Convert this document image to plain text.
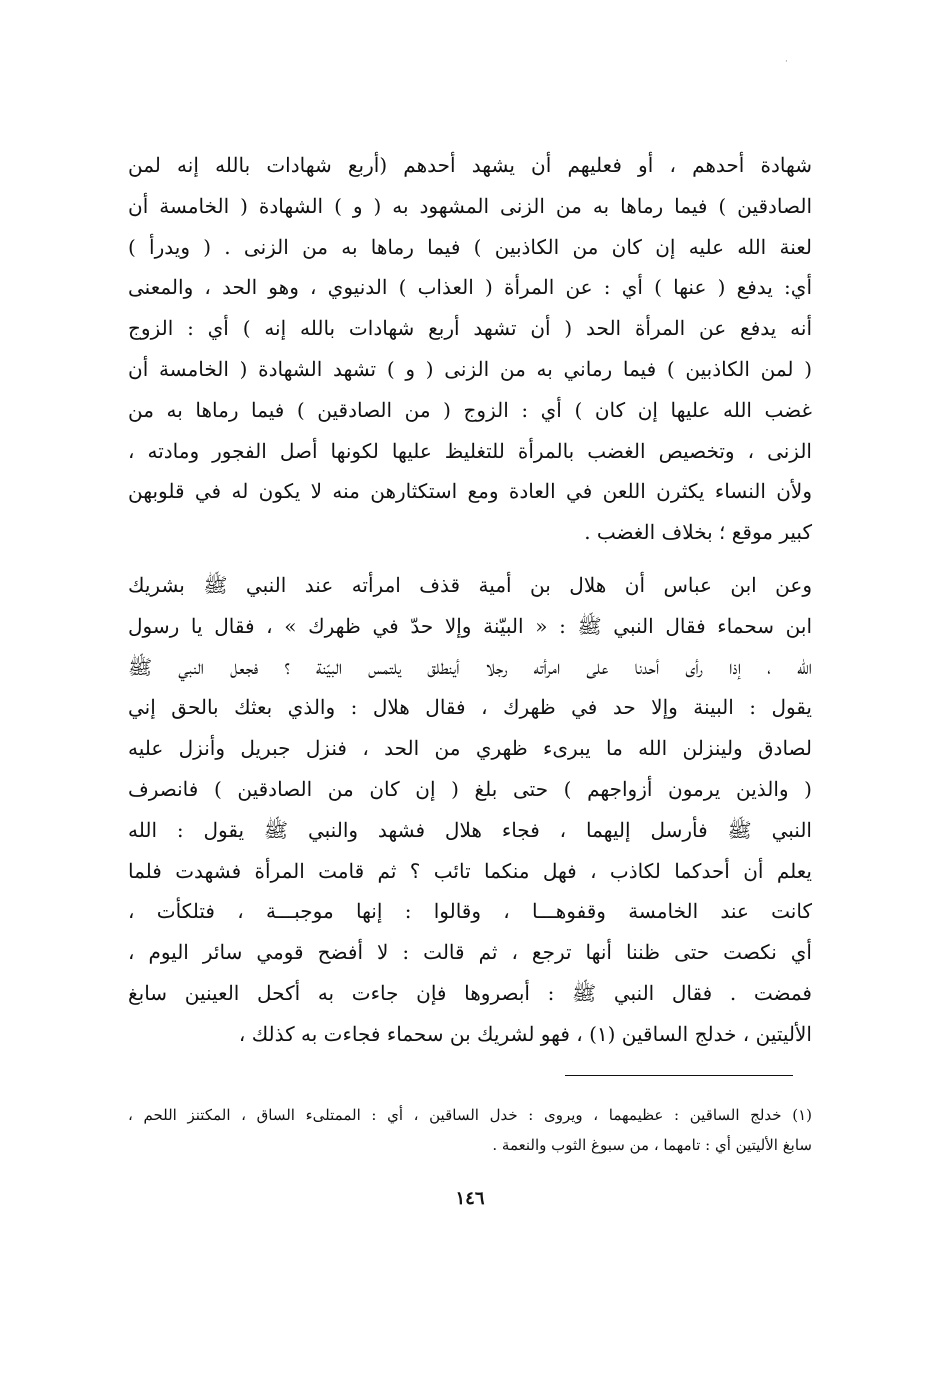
·
شهادة أحدهم ، أو فعليهم أن يشهد أحدهم (أربع شهادات بالله إنه لمن
الصادقين ) فيما رماها به من الزنى المشهود به ( و ) الشهادة ( الخامسة أن
لعنة الله عليه إن كان من الكاذبين ) فيما رماها به من الزنى . ( ويدرأ )
أي: يدفع ( عنها ) أي : عن المرأة ( العذاب ) الدنيوي ، وهو الحد ، والمعنى
أنه يدفع عن المرأة الحد ( أن تشهد أربع شهادات بالله إنه ) أي : الزوج
( لمن الكاذبين ) فيما رماني به من الزنى ( و ) تشهد الشهادة ( الخامسة أن
غضب الله عليها إن كان ) أي : الزوج ( من الصادقين ) فيما رماها به من
الزنى ، وتخصيص الغضب بالمرأة للتغليظ عليها لكونها أصل الفجور ومادته ،
ولأن النساء يكثرن اللعن في العادة ومع استكثارهن منه لا يكون له في قلوبهن
كبير موقع ؛ بخلاف الغضب .
وعن ابن عباس أن هلال بن أمية قذف امرأته عند النبي ﷺ بشريك
ابن سحماء فقال النبي ﷺ : « البيّنة وإلا حدّ في ظهرك » ، فقال يا رسول
الله ، إذا رأى أحدنا على امرأته رجلا أينطلق يلتمس البيّنة ؟ فجعل النبي ﷺ
يقول : البينة وإلا حد في ظهرك ، فقال هلال : والذي بعثك بالحق إني
لصادق ولينزلن الله ما يبرىء ظهري من الحد ، فنزل جبريل وأنزل عليه
( والذين يرمون أزواجهم ) حتى بلغ ( إن كان من الصادقين ) فانصرف
النبي ﷺ فأرسل إليهما ، فجاء هلال فشهد والنبي ﷺ يقول : الله
يعلم أن أحدكما لكاذب ، فهل منكما تائب ؟ ثم قامت المرأة فشهدت فلما
كانت عند الخامسة وقفوهـــا ، وقالوا : إنها موجبـــة ، فتلكأت ،
أي نكصت حتى ظننا أنها ترجع ، ثم قالت : لا أفضح قومي سائر اليوم ،
فمضت . فقال النبي ﷺ : أبصروها فإن جاءت به أكحل العينين سابغ
الأليتين ، خدلج الساقين (١) ، فهو لشريك بن سحماء فجاءت به كذلك ،
(١) خدلج الساقين : عظيمهما ، ويروى : خدل الساقين ، أي : الممتلىء الساق ، المكتنز اللحم ،
سابغ الأليتين أي : تامهما ، من سبوغ الثوب والنعمة .
١٤٦
